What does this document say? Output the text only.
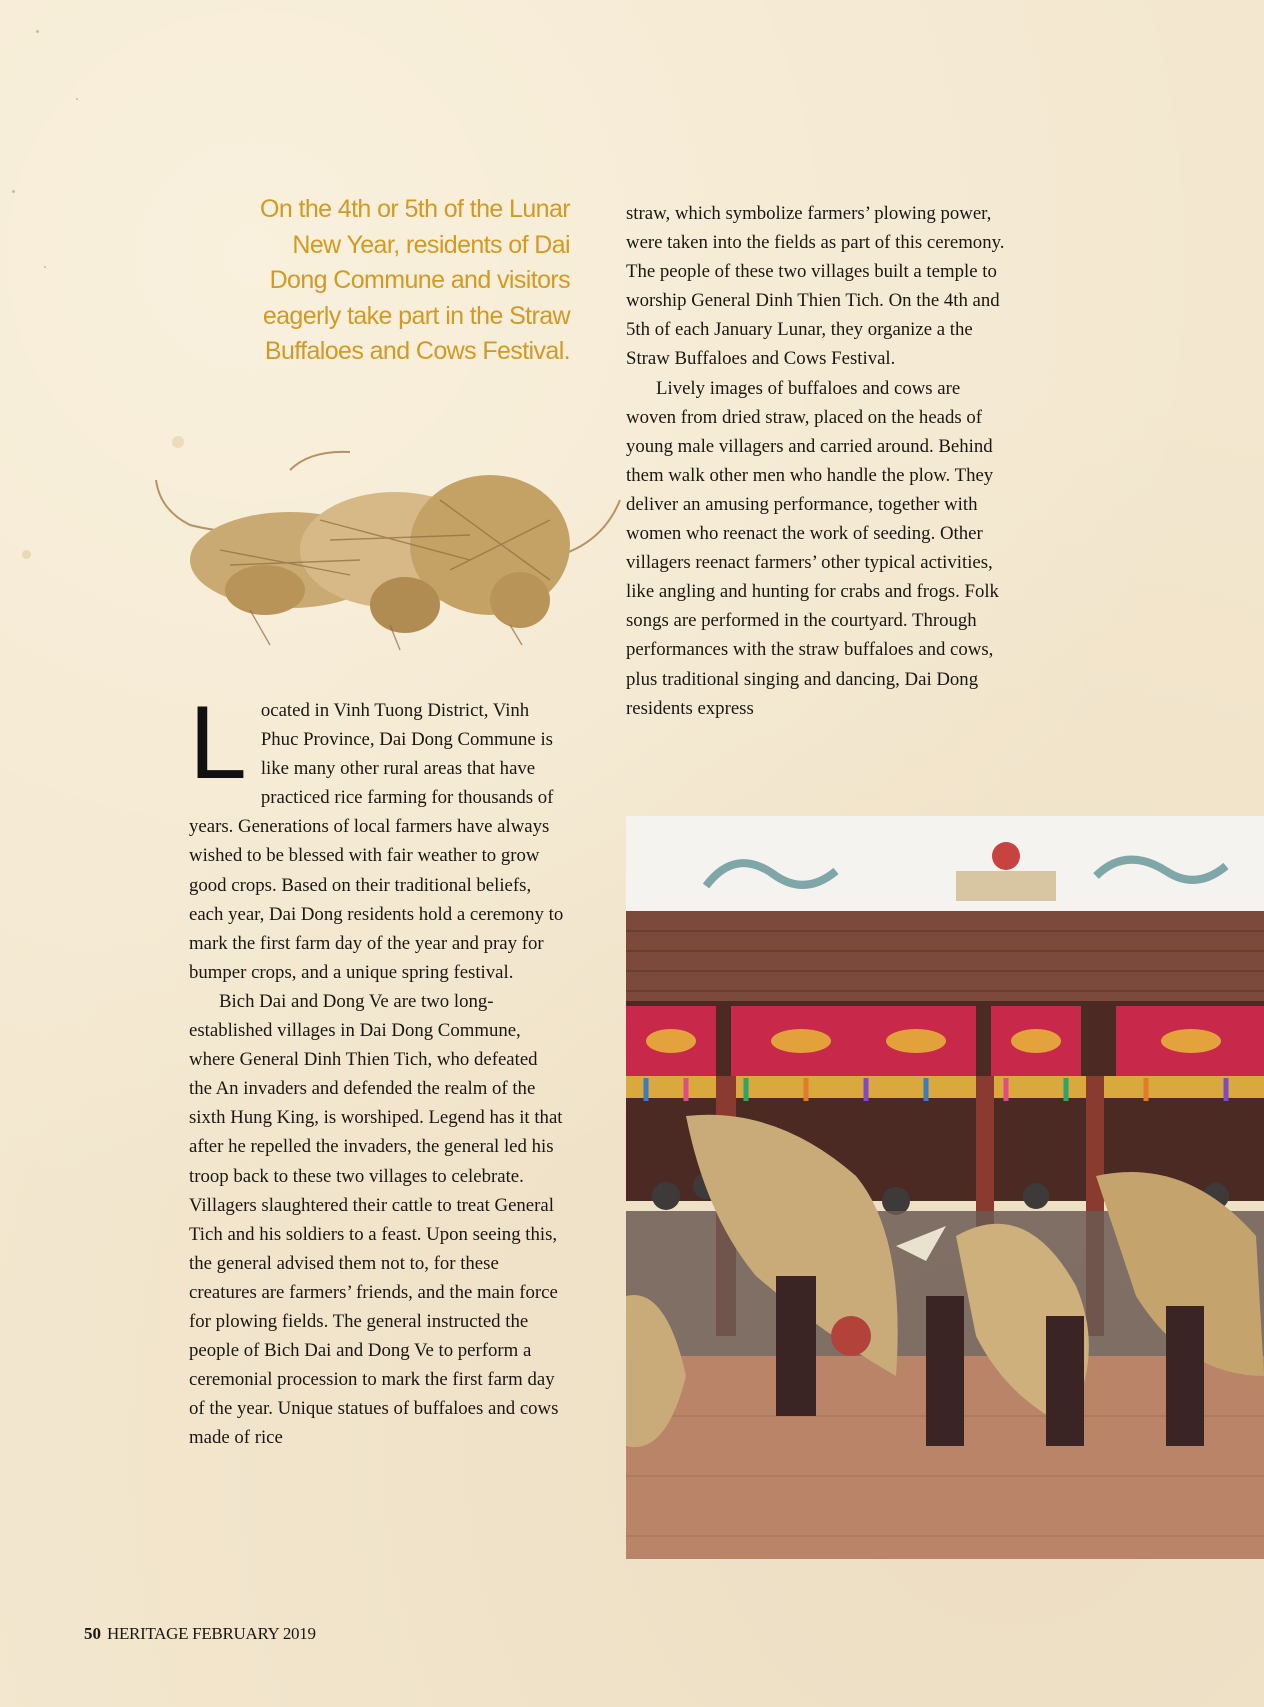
On the 4th or 5th of the Lunar New Year, residents of Dai Dong Commune and visitors eagerly take part in the Straw Buffaloes and Cows Festival.

Located in Vinh Tuong District, Vinh Phuc Province, Dai Dong Commune is like many other rural areas that have practiced rice farming for thousands of years. Generations of local farmers have always wished to be blessed with fair weather to grow good crops. Based on their traditional beliefs, each year, Dai Dong residents hold a ceremony to mark the first farm day of the year and pray for bumper crops, and a unique spring festival.

Bich Dai and Dong Ve are two long-established villages in Dai Dong Commune, where General Dinh Thien Tich, who defeated the An invaders and defended the realm of the sixth Hung King, is worshiped. Legend has it that after he repelled the invaders, the general led his troop back to these two villages to celebrate. Villagers slaughtered their cattle to treat General Tich and his soldiers to a feast. Upon seeing this, the general advised them not to, for these creatures are farmers’ friends, and the main force for plowing fields. The general instructed the people of Bich Dai and Dong Ve to perform a ceremonial procession to mark the first farm day of the year. Unique statues of buffaloes and cows made of rice

straw, which symbolize farmers’ plowing power, were taken into the fields as part of this ceremony. The people of these two villages built a temple to worship General Dinh Thien Tich. On the 4th and 5th of each January Lunar, they organize a the Straw Buffaloes and Cows Festival.

Lively images of buffaloes and cows are woven from dried straw, placed on the heads of young male villagers and carried around. Behind them walk other men who handle the plow. They deliver an amusing performance, together with women who reenact the work of seeding. Other villagers reenact farmers’ other typical activities, like angling and hunting for crabs and frogs. Folk songs are performed in the courtyard. Through performances with the straw buffaloes and cows, plus traditional singing and dancing, Dai Dong residents express

50 HERITAGE FEBRUARY 2019
